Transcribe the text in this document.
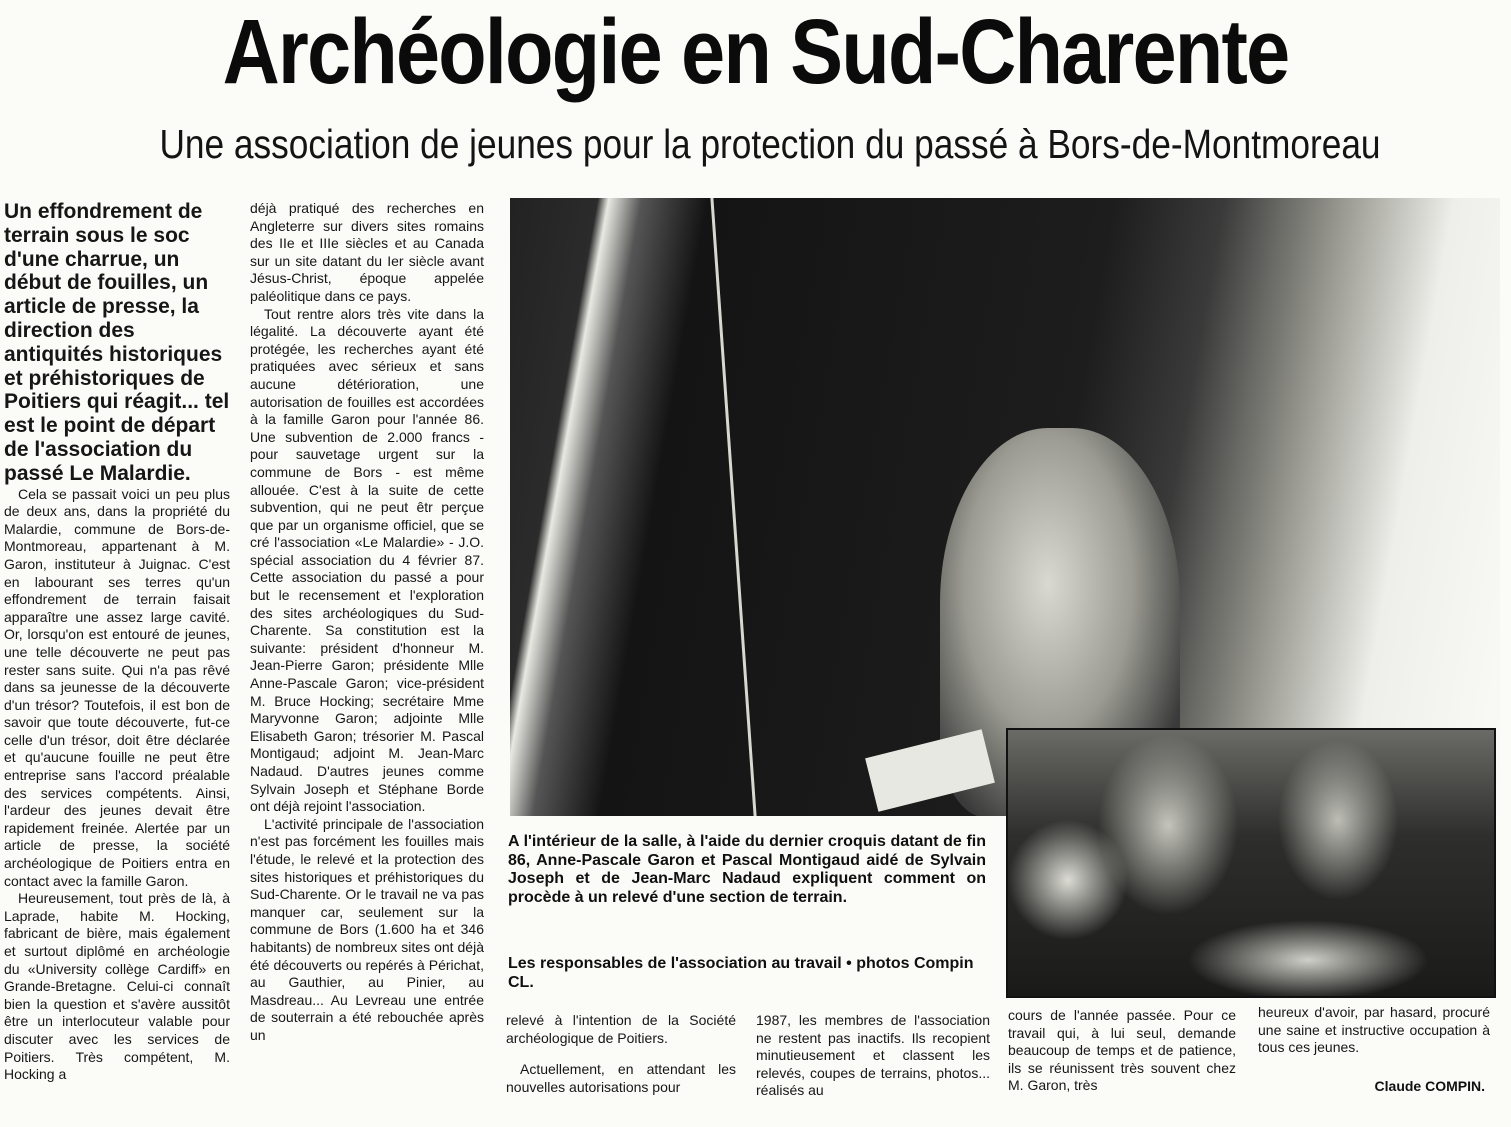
Archéologie en Sud-Charente
Une association de jeunes pour la protection du passé à Bors-de-Montmoreau

Un effondrement de terrain sous le soc d'une charrue, un début de fouilles, un article de presse, la direction des antiquités historiques et préhistoriques de Poitiers qui réagit... tel est le point de départ de l'association du passé Le Malardie.

Cela se passait voici un peu plus de deux ans, dans la propriété du Malardie, commune de Bors-de-Montmoreau, appartenant à M. Garon, instituteur à Juignac. C'est en labourant ses terres qu'un effondrement de terrain faisait apparaître une assez large cavité. Or, lorsqu'on est entouré de jeunes, une telle découverte ne peut pas rester sans suite. Qui n'a pas rêvé dans sa jeunesse de la découverte d'un trésor? Toutefois, il est bon de savoir que toute découverte, fut-ce celle d'un trésor, doit être déclarée et qu'aucune fouille ne peut être entreprise sans l'accord préalable des services compétents. Ainsi, l'ardeur des jeunes devait être rapidement freinée. Alertée par un article de presse, la société archéologique de Poitiers entra en contact avec la famille Garon.

Heureusement, tout près de là, à Laprade, habite M. Hocking, fabricant de bière, mais également et surtout diplômé en archéologie du «University collège Cardiff» en Grande-Bretagne. Celui-ci connaît bien la question et s'avère aussitôt être un interlocuteur valable pour discuter avec les services de Poitiers. Très compétent, M. Hocking a

déjà pratiqué des recherches en Angleterre sur divers sites romains des IIe et IIIe siècles et au Canada sur un site datant du Ier siècle avant Jésus-Christ, époque appelée paléolitique dans ce pays.

Tout rentre alors très vite dans la légalité. La découverte ayant été protégée, les recherches ayant été pratiquées avec sérieux et sans aucune détérioration, une autorisation de fouilles est accordées à la famille Garon pour l'année 86. Une subvention de 2.000 francs - pour sauvetage urgent sur la commune de Bors - est même allouée. C'est à la suite de cette subvention, qui ne peut êtr perçue que par un organisme officiel, que se cré l'association «Le Malardie» - J.O. spécial association du 4 février 87. Cette association du passé a pour but le recensement et l'exploration des sites archéologiques du Sud-Charente. Sa constitution est la suivante: président d'honneur M. Jean-Pierre Garon; présidente Mlle Anne-Pascale Garon; vice-président M. Bruce Hocking; secrétaire Mme Maryvonne Garon; adjointe Mlle Elisabeth Garon; trésorier M. Pascal Montigaud; adjoint M. Jean-Marc Nadaud. D'autres jeunes comme Sylvain Joseph et Stéphane Borde ont déjà rejoint l'association.

L'activité principale de l'association n'est pas forcément les fouilles mais l'étude, le relevé et la protection des sites historiques et préhistoriques du Sud-Charente. Or le travail ne va pas manquer car, seulement sur la commune de Bors (1.600 ha et 346 habitants) de nombreux sites ont déjà été découverts ou repérés à Périchat, au Gauthier, au Pinier, au Masdreau... Au Levreau une entrée de souterrain a été rebouchée après un

A l'intérieur de la salle, à l'aide du dernier croquis datant de fin 86, Anne-Pascale Garon et Pascal Montigaud aidé de Sylvain Joseph et de Jean-Marc Nadaud expliquent comment on procède à un relevé d'une section de terrain.
Les responsables de l'association au travail • photos Compin CL.

relevé à l'intention de la Société archéologique de Poitiers.

Actuellement, en attendant les nouvelles autorisations pour

1987, les membres de l'association ne restent pas inactifs. Ils recopient minutieusement et classent les relevés, coupes de terrains, photos... réalisés au

cours de l'année passée. Pour ce travail qui, à lui seul, demande beaucoup de temps et de patience, ils se réunissent très souvent chez M. Garon, très

heureux d'avoir, par hasard, procuré une saine et instructive occupation à tous ces jeunes.

Claude COMPIN.
